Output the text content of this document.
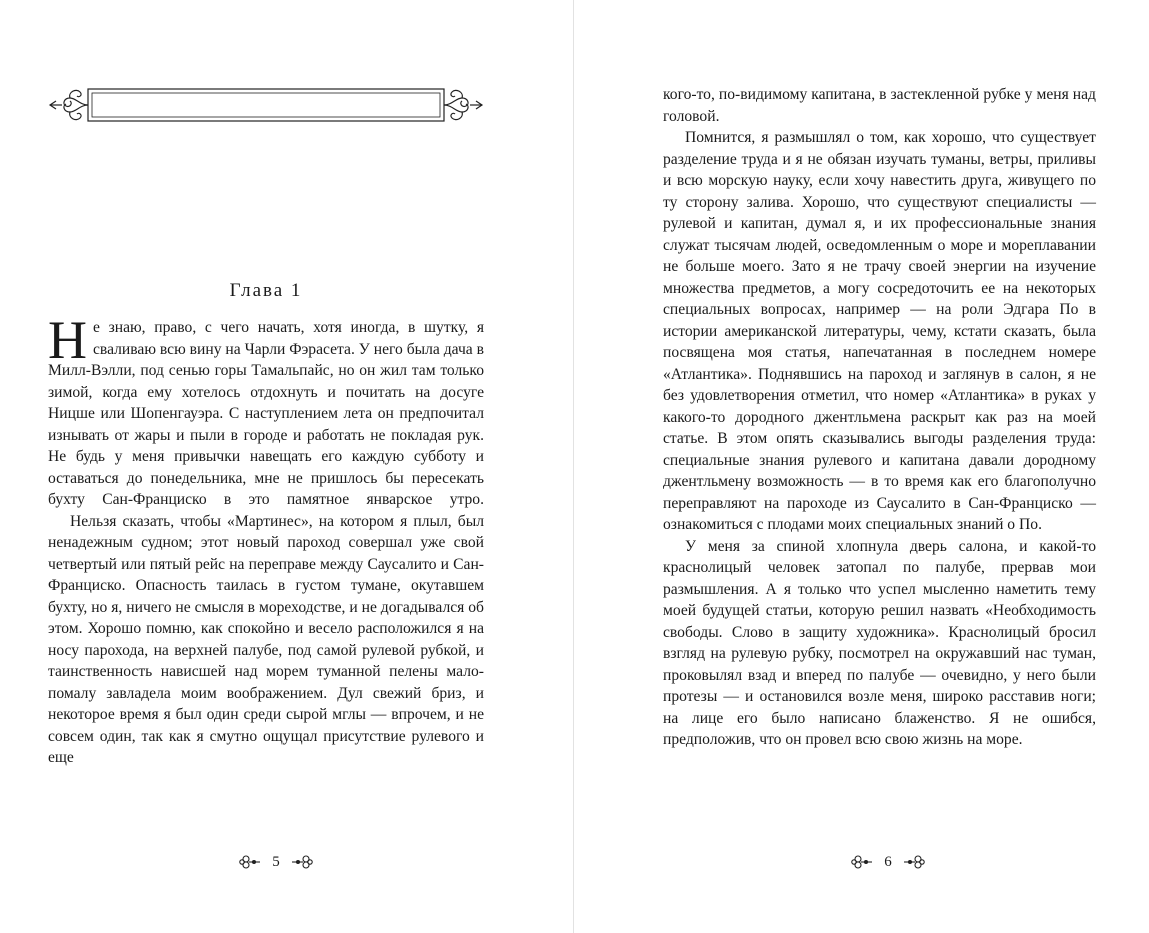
Глава 1

Не знаю, право, с чего начать, хотя иногда, в шутку, я сваливаю всю вину на Чарли Фэрасета. У него была дача в Милл-Вэлли, под сенью горы Тамальпайс, но он жил там только зимой, когда ему хотелось отдохнуть и почитать на досуге Ницше или Шопенгауэра. С наступлением лета он предпочитал изнывать от жары и пыли в городе и работать не покладая рук. Не будь у меня привычки навещать его каждую субботу и оставаться до понедельника, мне не пришлось бы пересекать бухту Сан-Франциско в это памятное январское утро.

Нельзя сказать, чтобы «Мартинес», на котором я плыл, был ненадежным судном; этот новый пароход совершал уже свой четвертый или пятый рейс на переправе между Саусалито и Сан-Франциско. Опасность таилась в густом тумане, окутавшем бухту, но я, ничего не смысля в мореходстве, и не догадывался об этом. Хорошо помню, как спокойно и весело расположился я на носу парохода, на верхней палубе, под самой рулевой рубкой, и таинственность нависшей над морем туманной пелены мало-помалу завладела моим воображением. Дул свежий бриз, и некоторое время я был один среди сырой мглы — впрочем, и не совсем один, так как я смутно ощущал присутствие рулевого и еще

5

кого-то, по-видимому капитана, в застекленной рубке у меня над головой.

Помнится, я размышлял о том, как хорошо, что существует разделение труда и я не обязан изучать туманы, ветры, приливы и всю морскую науку, если хочу навестить друга, живущего по ту сторону залива. Хорошо, что существуют специалисты — рулевой и капитан, думал я, и их профессиональные знания служат тысячам людей, осведомленным о море и мореплавании не больше моего. Зато я не трачу своей энергии на изучение множества предметов, а могу сосредоточить ее на некоторых специальных вопросах, например — на роли Эдгара По в истории американской литературы, чему, кстати сказать, была посвящена моя статья, напечатанная в последнем номере «Атлантика». Поднявшись на пароход и заглянув в салон, я не без удовлетворения отметил, что номер «Атлантика» в руках у какого-то дородного джентльмена раскрыт как раз на моей статье. В этом опять сказывались выгоды разделения труда: специальные знания рулевого и капитана давали дородному джентльмену возможность — в то время как его благополучно переправляют на пароходе из Саусалито в Сан-Франциско — ознакомиться с плодами моих специальных знаний о По.

У меня за спиной хлопнула дверь салона, и какой-то краснолицый человек затопал по палубе, прервав мои размышления. А я только что успел мысленно наметить тему моей будущей статьи, которую решил назвать «Необходимость свободы. Слово в защиту художника». Краснолицый бросил взгляд на рулевую рубку, посмотрел на окружавший нас туман, проковылял взад и вперед по палубе — очевидно, у него были протезы — и остановился возле меня, широко расставив ноги; на лице его было написано блаженство. Я не ошибся, предположив, что он провел всю свою жизнь на море.

6
